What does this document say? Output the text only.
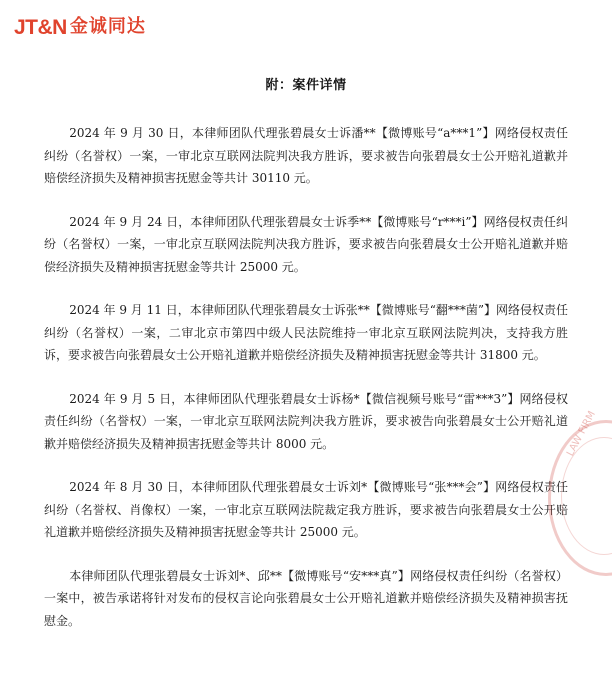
JT&N 金诚同达
附：案件详情

2024 年 9 月 30 日，本律师团队代理张碧晨女士诉潘**【微博账号“a***1”】网络侵权责任纠纷（名誉权）一案，一审北京互联网法院判决我方胜诉，要求被告向张碧晨女士公开赔礼道歉并赔偿经济损失及精神损害抚慰金等共计 30110 元。

2024 年 9 月 24 日，本律师团队代理张碧晨女士诉季**【微博账号“r***i”】网络侵权责任纠纷（名誉权）一案，一审北京互联网法院判决我方胜诉，要求被告向张碧晨女士公开赔礼道歉并赔偿经济损失及精神损害抚慰金等共计 25000 元。

2024 年 9 月 11 日，本律师团队代理张碧晨女士诉张**【微博账号“翻***菌”】网络侵权责任纠纷（名誉权）一案，二审北京市第四中级人民法院维持一审北京互联网法院判决，支持我方胜诉，要求被告向张碧晨女士公开赔礼道歉并赔偿经济损失及精神损害抚慰金等共计 31800 元。

2024 年 9 月 5 日，本律师团队代理张碧晨女士诉杨*【微信视频号账号“雷***3”】网络侵权责任纠纷（名誉权）一案，一审北京互联网法院判决我方胜诉，要求被告向张碧晨女士公开赔礼道歉并赔偿经济损失及精神损害抚慰金等共计 8000 元。

2024 年 8 月 30 日，本律师团队代理张碧晨女士诉刘*【微博账号“张***会”】网络侵权责任纠纷（名誉权、肖像权）一案，一审北京互联网法院裁定我方胜诉，要求被告向张碧晨女士公开赔礼道歉并赔偿经济损失及精神损害抚慰金等共计 25000 元。

本律师团队代理张碧晨女士诉刘*、邱**【微博账号“安***真”】网络侵权责任纠纷（名誉权）一案中，被告承诺将针对发布的侵权言论向张碧晨女士公开赔礼道歉并赔偿经济损失及精神损害抚慰金。

LAW FIRM
